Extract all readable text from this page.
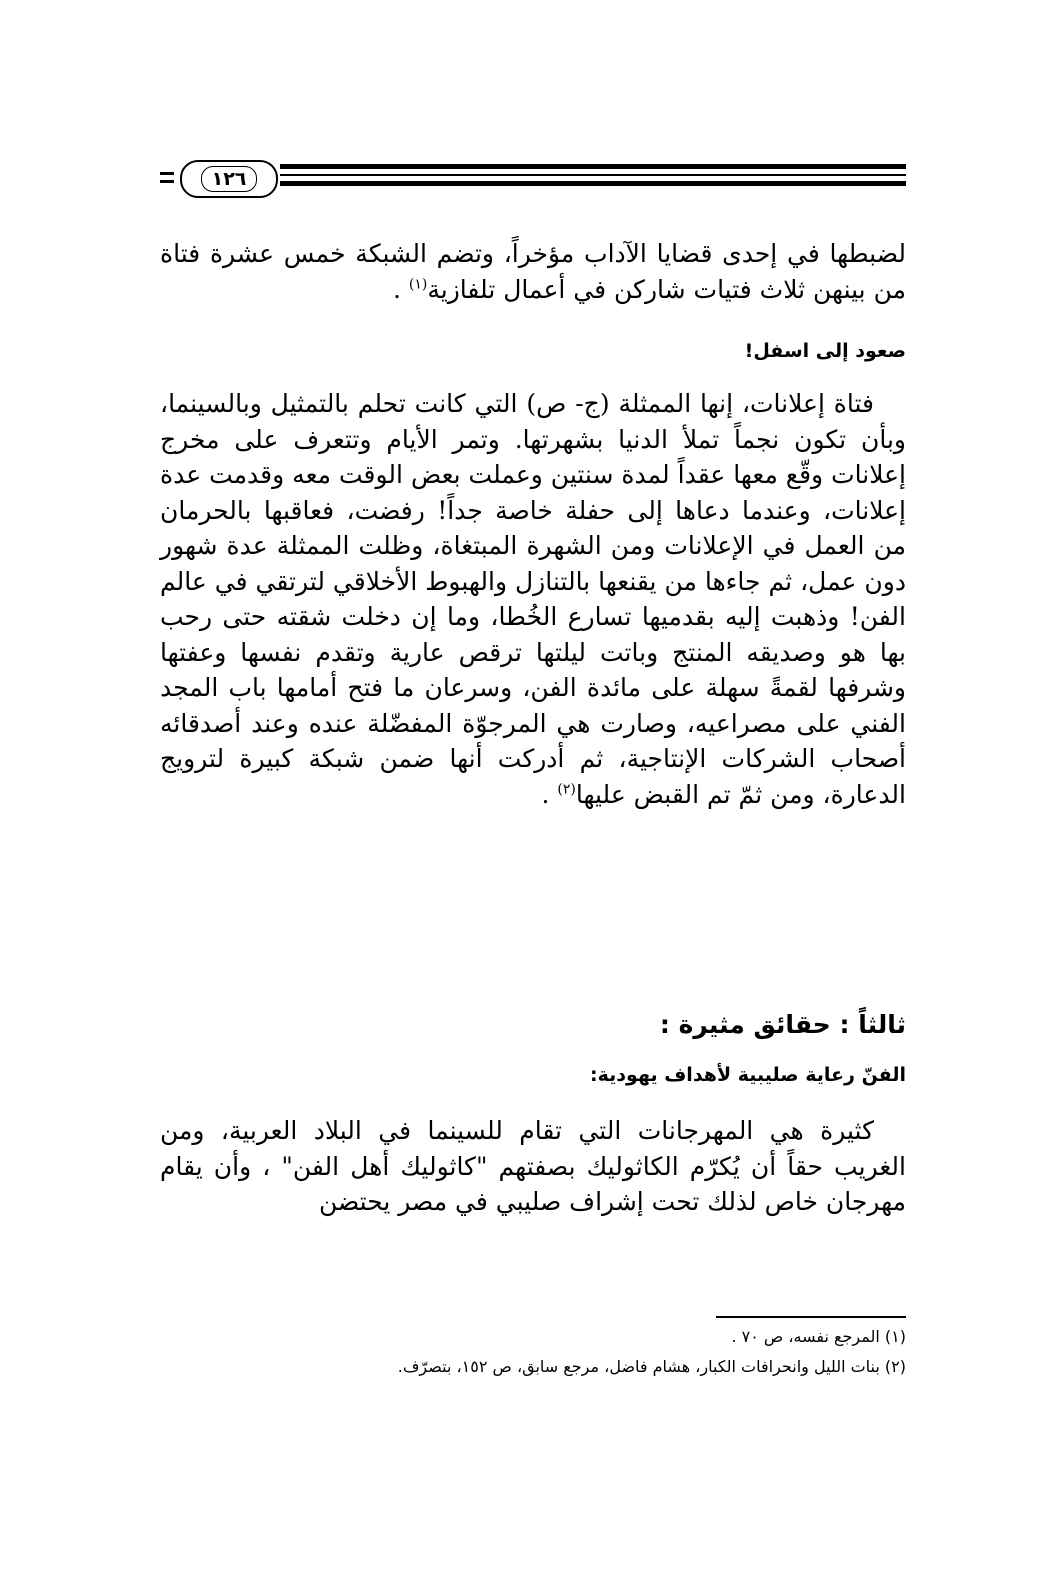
١٢٦

لضبطها في إحدى قضايا الآداب مؤخراً، وتضم الشبكة خمس عشرة فتاة من بينهن ثلاث فتيات شاركن في أعمال تلفازية$^{(١)}$ .

صعود إلى اسفل!

فتاة إعلانات، إنها الممثلة (ج- ص) التي كانت تحلم بالتمثيل وبالسينما، وبأن تكون نجماً تملأ الدنيا بشهرتها. وتمر الأيام وتتعرف على مخرج إعلانات وقّع معها عقداً لمدة سنتين وعملت بعض الوقت معه وقدمت عدة إعلانات، وعندما دعاها إلى حفلة خاصة جداً! رفضت، فعاقبها بالحرمان من العمل في الإعلانات ومن الشهرة المبتغاة، وظلت الممثلة عدة شهور دون عمل، ثم جاءها من يقنعها بالتنازل والهبوط الأخلاقي لترتقي في عالم الفن! وذهبت إليه بقدميها تسارع الخُطا، وما إن دخلت شقته حتى رحب بها هو وصديقه المنتج وباتت ليلتها ترقص عارية وتقدم نفسها وعفتها وشرفها لقمةً سهلة على مائدة الفن، وسرعان ما فتح أمامها باب المجد الفني على مصراعيه، وصارت هي المرجوّة المفضّلة عنده وعند أصدقائه أصحاب الشركات الإنتاجية، ثم أدركت أنها ضمن شبكة كبيرة لترويج الدعارة، ومن ثمّ تم القبض عليها$^{(٢)}$ .

ثالثاً : حقائق مثيرة :

الفنّ رعاية صليبية لأهداف يهودية:

كثيرة هي المهرجانات التي تقام للسينما في البلاد العربية، ومن الغريب حقاً أن يُكرّم الكاثوليك بصفتهم "كاثوليك أهل الفن" ، وأن يقام مهرجان خاص لذلك تحت إشراف صليبي في مصر يحتضن

(١) المرجع نفسه، ص ٧٠ .

(٢) بنات الليل وانحرافات الكبار، هشام فاضل، مرجع سابق، ص ١٥٢، بتصرّف.
